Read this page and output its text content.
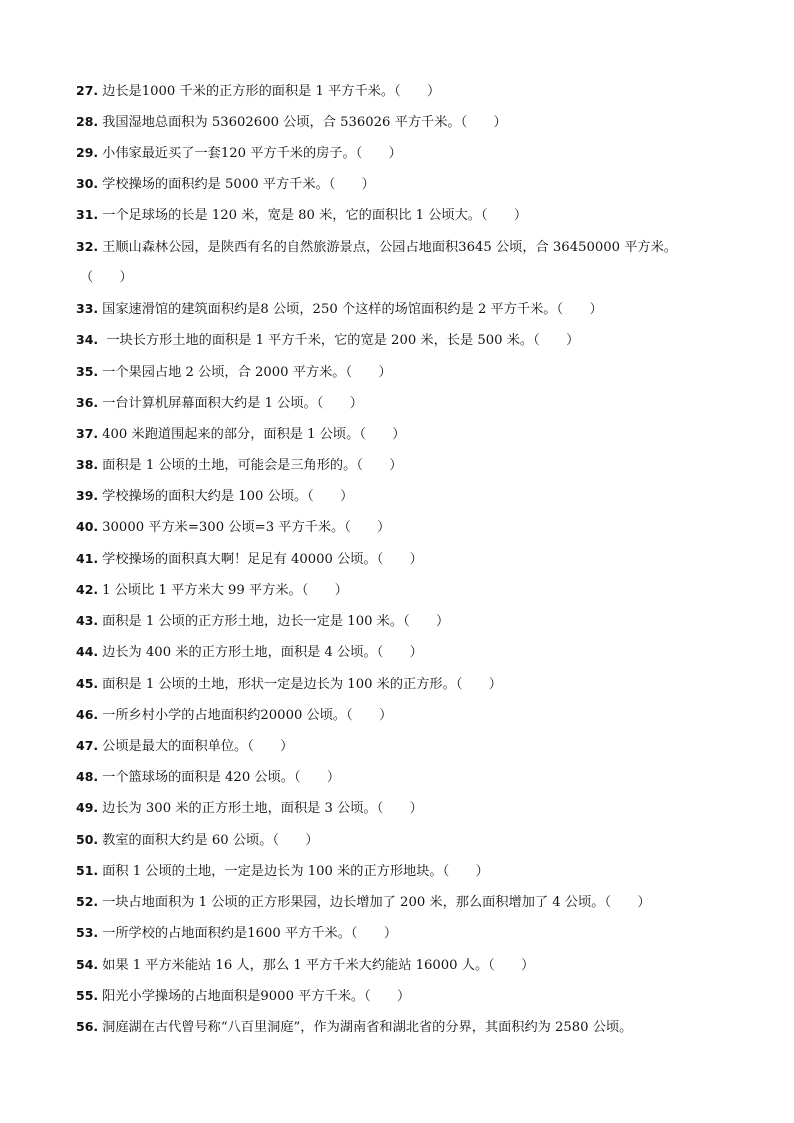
27. 边长是1000 千米的正方形的面积是 1 平方千米。（　　）
28. 我国湿地总面积为 53602600 公顷，合 536026 平方千米。（　　）
29. 小伟家最近买了一套120 平方千米的房子。（　　）
30. 学校操场的面积约是 5000 平方千米。（　　）
31. 一个足球场的长是 120 米，宽是 80 米，它的面积比 1 公顷大。（　　）
32. 王顺山森林公园，是陕西有名的自然旅游景点，公园占地面积3645 公顷，合 36450000 平方米。
（　　）
33. 国家速滑馆的建筑面积约是8 公顷，250 个这样的场馆面积约是 2 平方千米。（　　）
34. 一块长方形土地的面积是 1 平方千米，它的宽是 200 米，长是 500 米。（　　）
35. 一个果园占地 2 公顷，合 2000 平方米。（　　）
36. 一台计算机屏幕面积大约是 1 公顷。（　　）
37. 400 米跑道围起来的部分，面积是 1 公顷。（　　）
38. 面积是 1 公顷的土地，可能会是三角形的。（　　）
39. 学校操场的面积大约是 100 公顷。（　　）
40. 30000 平方米=300 公顷=3 平方千米。（　　）
41. 学校操场的面积真大啊！足足有 40000 公顷。（　　）
42. 1 公顷比 1 平方米大 99 平方米。（　　）
43. 面积是 1 公顷的正方形土地，边长一定是 100 米。（　　）
44. 边长为 400 米的正方形土地，面积是 4 公顷。（　　）
45. 面积是 1 公顷的土地，形状一定是边长为 100 米的正方形。（　　）
46. 一所乡村小学的占地面积约20000 公顷。（　　）
47. 公顷是最大的面积单位。（　　）
48. 一个篮球场的面积是 420 公顷。（　　）
49. 边长为 300 米的正方形土地，面积是 3 公顷。（　　）
50. 教室的面积大约是 60 公顷。（　　）
51. 面积 1 公顷的土地，一定是边长为 100 米的正方形地块。（　　）
52. 一块占地面积为 1 公顷的正方形果园，边长增加了 200 米，那么面积增加了 4 公顷。（　　）
53. 一所学校的占地面积约是1600 平方千米。（　　）
54. 如果 1 平方米能站 16 人，那么 1 平方千米大约能站 16000 人。（　　）
55. 阳光小学操场的占地面积是9000 平方千米。（　　）
56. 洞庭湖在古代曾号称“八百里洞庭”，作为湖南省和湖北省的分界，其面积约为 2580 公顷。
